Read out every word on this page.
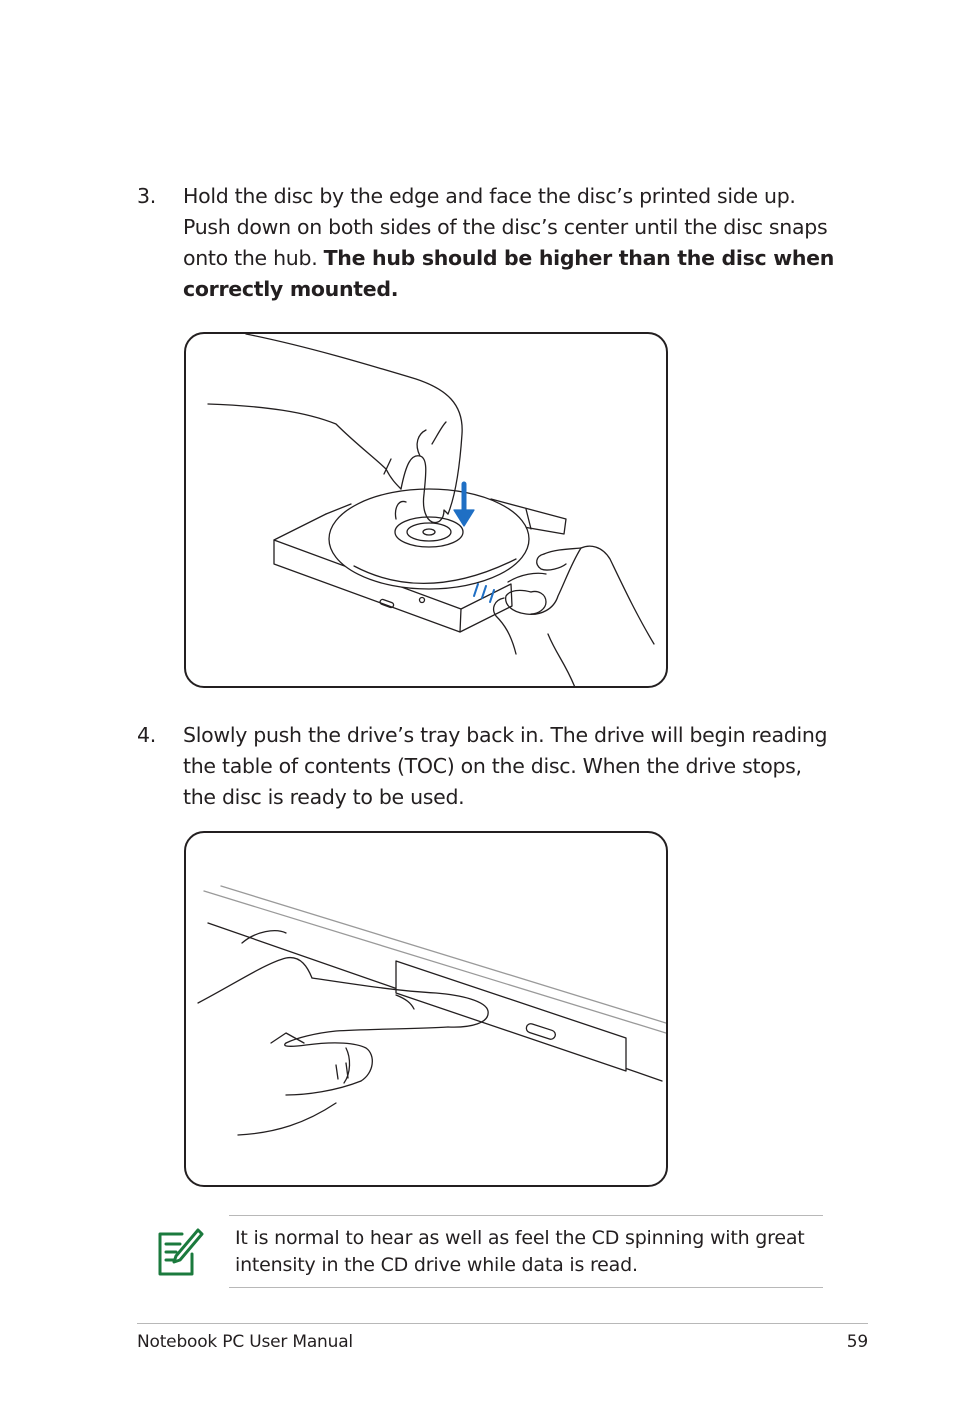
3. Hold the disc by the edge and face the disc’s printed side up. Push down on both sides of the disc’s center until the disc snaps onto the hub. The hub should be higher than the disc when correctly mounted.
4. Slowly push the drive’s tray back in. The drive will begin reading the table of contents (TOC) on the disc. When the drive stops, the disc is ready to be used.
It is normal to hear as well as feel the CD spinning with great intensity in the CD drive while data is read.
Notebook PC User Manual	59
